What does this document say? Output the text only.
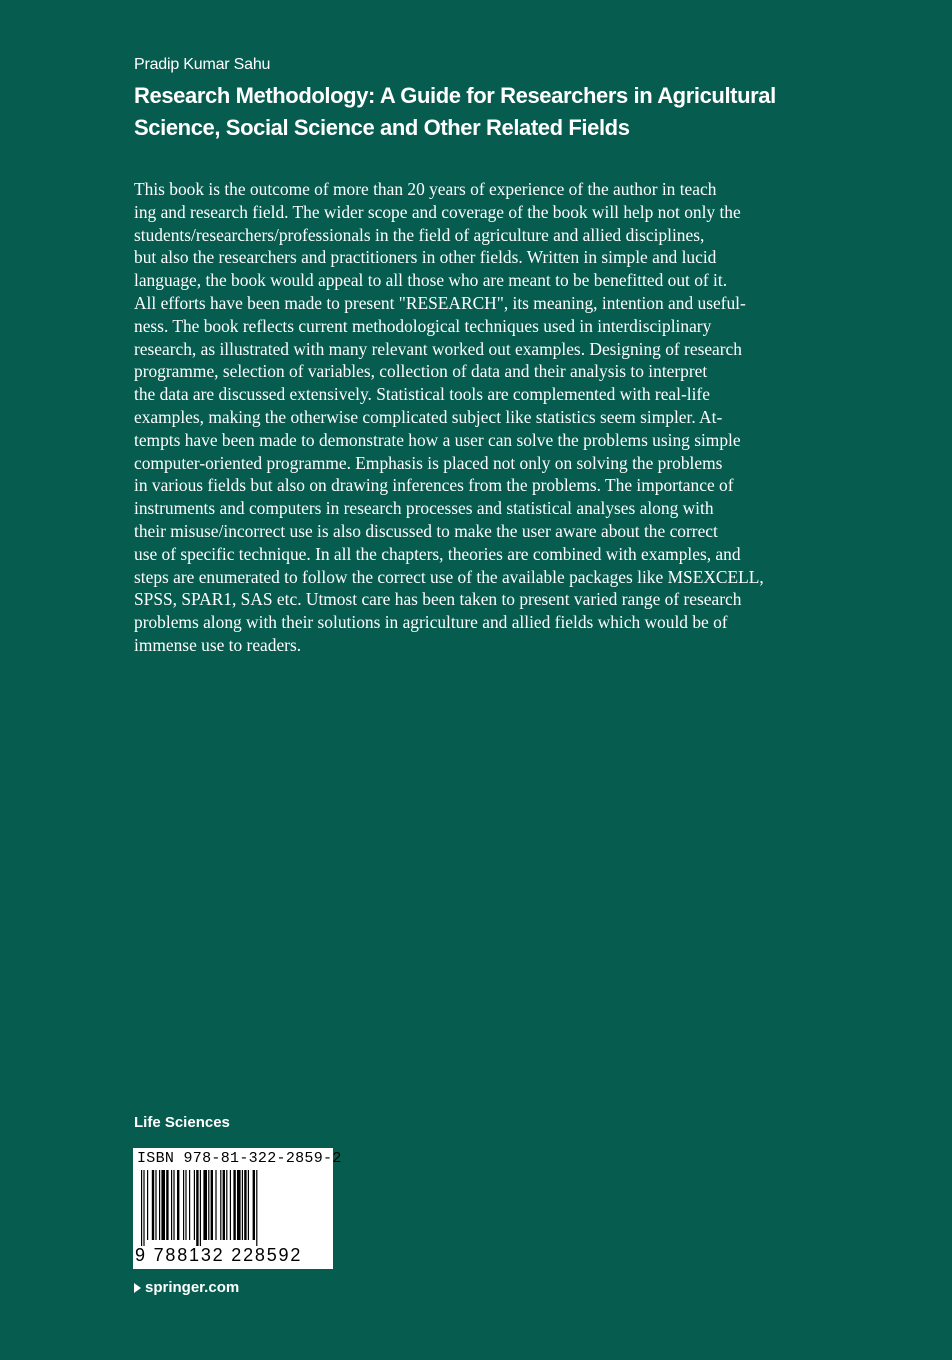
Pradip Kumar Sahu
Research Methodology: A Guide for Researchers in Agricultural
Science, Social Science and Other Related Fields
This book is the outcome of more than 20 years of experience of the author in teach
ing and research field. The wider scope and coverage of the book will help not only the
students/researchers/professionals in the field of agriculture and allied disciplines,
but also the researchers and practitioners in other fields. Written in simple and lucid
language, the book would appeal to all those who are meant to be benefitted out of it.
All efforts have been made to present "RESEARCH", its meaning, intention and useful-
ness. The book reflects current methodological techniques used in interdisciplinary
research, as illustrated with many relevant worked out examples. Designing of research
programme, selection of variables, collection of data and their analysis to interpret
the data are discussed extensively. Statistical tools are complemented with real-life
examples, making the otherwise complicated subject like statistics seem simpler. At-
tempts have been made to demonstrate how a user can solve the problems using simple
computer-oriented programme. Emphasis is placed not only on solving the problems
in various fields but also on drawing inferences from the problems. The importance of
instruments and computers in research processes and statistical analyses along with
their misuse/incorrect use is also discussed to make the user aware about the correct
use of specific technique. In all the chapters, theories are combined with examples, and
steps are enumerated to follow the correct use of the available packages like MSEXCELL,
SPSS, SPAR1, SAS etc. Utmost care has been taken to present varied range of research
problems along with their solutions in agriculture and allied fields which would be of
immense use to readers.
Life Sciences
ISBN 978-81-322-2859-2
9 788132 228592
springer.com
